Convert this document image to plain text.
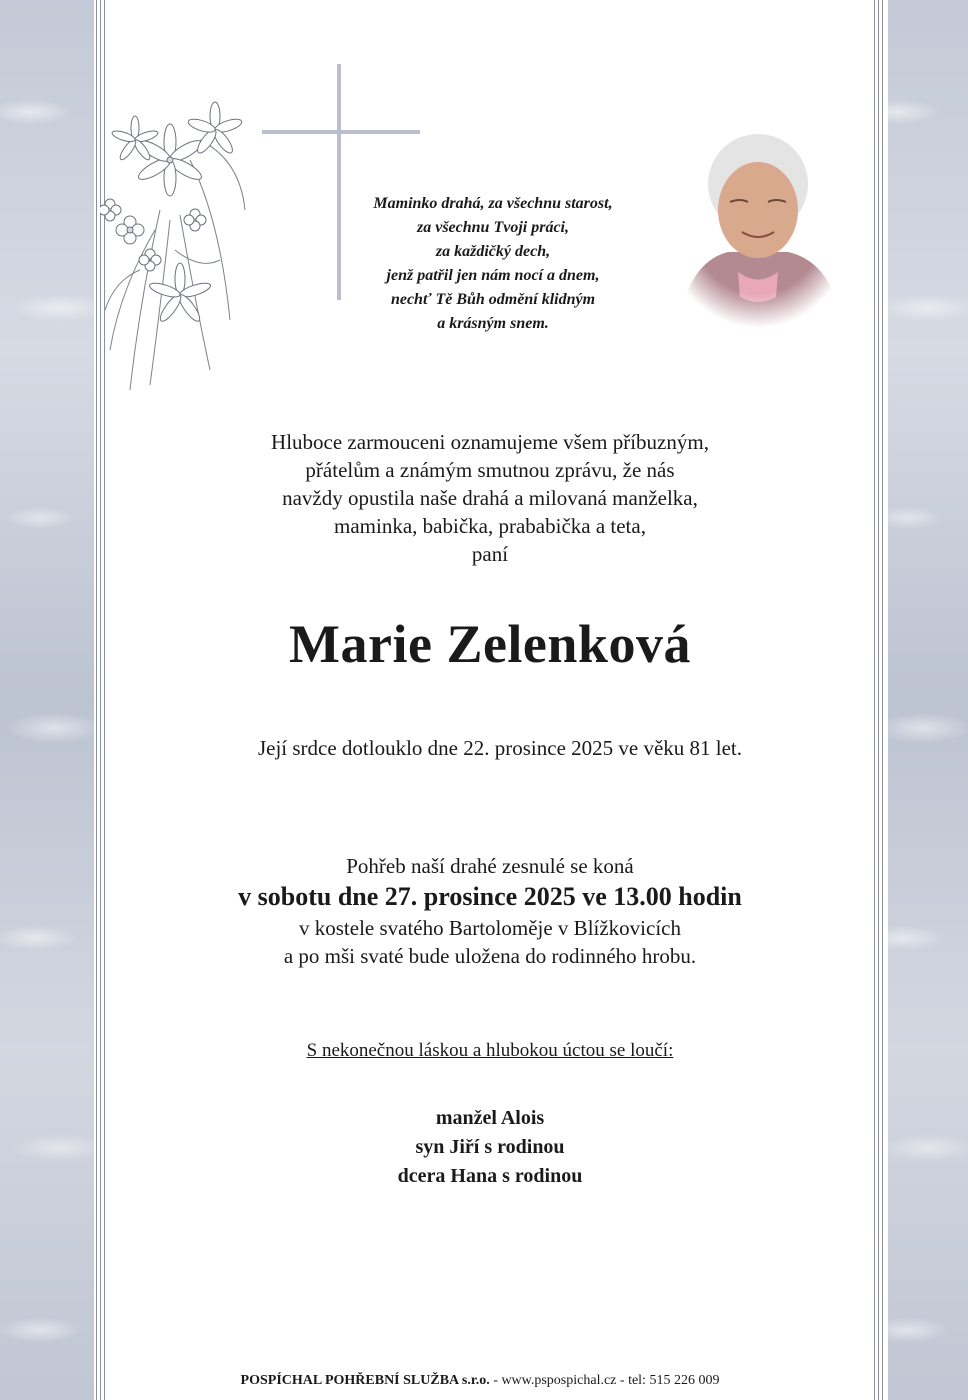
Maminko drahá, za všechnu starost,
za všechnu Tvoji práci,
za každičký dech,
jenž patřil jen nám nocí a dnem,
nechť Tě Bůh odmění klidným
a krásným snem.

Hluboce zarmouceni oznamujeme všem příbuzným,
přátelům a známým smutnou zprávu, že nás
navždy opustila naše drahá a milovaná manželka,
maminka, babička, prababička a teta,
paní

Marie Zelenková

Její srdce dotlouklo dne 22. prosince 2025 ve věku 81 let.

Pohřeb naší drahé zesnulé se koná
v sobotu dne 27. prosince 2025 ve 13.00 hodin
v kostele svatého Bartoloměje v Blížkovicích
a po mši svaté bude uložena do rodinného hrobu.

S nekonečnou láskou a hlubokou úctou se loučí:

manžel Alois
syn Jiří s rodinou
dcera Hana s rodinou

POSPÍCHAL POHŘEBNÍ SLUŽBA s.r.o. - www.pspospichal.cz - tel: 515 226 009
